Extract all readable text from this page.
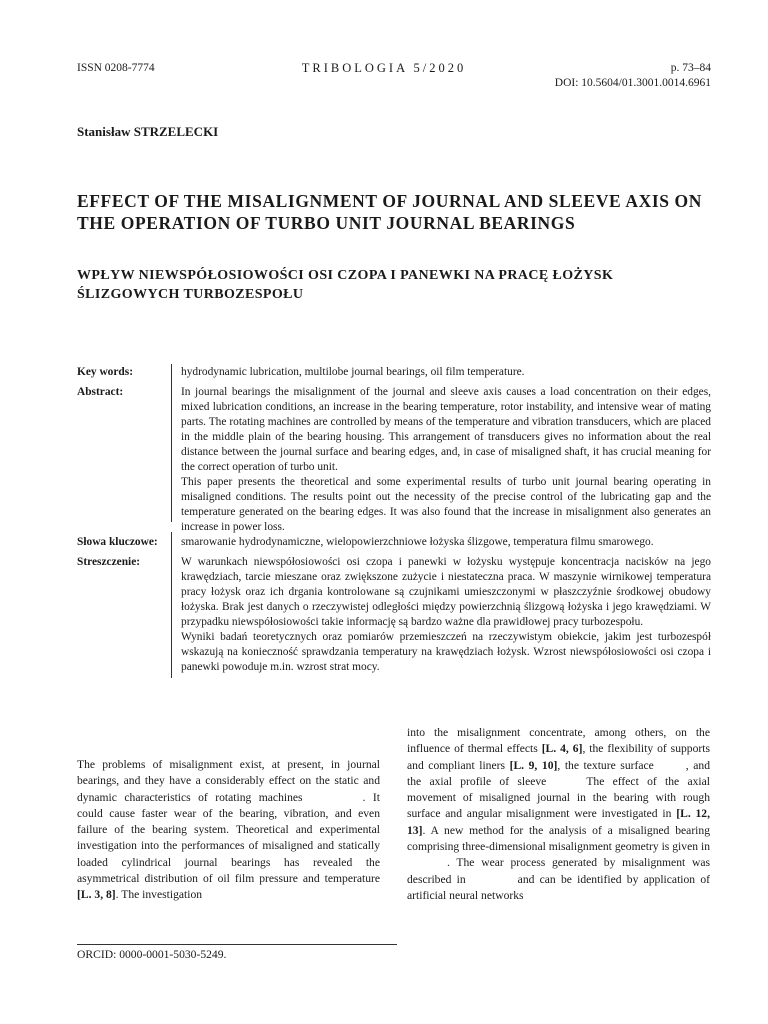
ISSN 0208-7774	TRIBOLOGIA 5/2020	p. 73–84
DOI: 10.5604/01.3001.0014.6961
Stanisław STRZELECKI
EFFECT OF THE MISALIGNMENT OF JOURNAL AND SLEEVE AXIS ON THE OPERATION OF TURBO UNIT JOURNAL BEARINGS
WPŁYW NIEWSPÓŁOSIOWOŚCI OSI CZOPA I PANEWKI NA PRACĘ ŁOŻYSK ŚLIZGOWYCH TURBOZESPOŁU
Key words:	hydrodynamic lubrication, multilobe journal bearings, oil film temperature.
Abstract:	In journal bearings the misalignment of the journal and sleeve axis causes a load concentration on their edges, mixed lubrication conditions, an increase in the bearing temperature, rotor instability, and intensive wear of mating parts. The rotating machines are controlled by means of the temperature and vibration transducers, which are placed in the middle plain of the bearing housing. This arrangement of transducers gives no information about the real distance between the journal surface and bearing edges, and, in case of misaligned shaft, it has crucial meaning for the correct operation of turbo unit.

This paper presents the theoretical and some experimental results of turbo unit journal bearing operating in misaligned conditions. The results point out the necessity of the precise control of the lubricating gap and the temperature generated on the bearing edges. It was also found that the increase in misalignment also generates an increase in power loss.

Słowa kluczowe:	smarowanie hydrodynamiczne, wielopowierzchniowe łożyska ślizgowe, temperatura filmu smarowego.
Streszczenie:	W warunkach niewspółosiowości osi czopa i panewki w łożysku występuje koncentracja nacisków na jego krawędziach, tarcie mieszane oraz zwiększone zużycie i niestateczna praca. W maszynie wirnikowej temperatura pracy łożysk oraz ich drgania kontrolowane są czujnikami umieszczonymi w płaszczyźnie środkowej obudowy łożyska. Brak jest danych o rzeczywistej odległości między powierzchnią ślizgową łożyska i jego krawędziami. W przypadku niewspółosiowości takie informację są bardzo ważne dla prawidłowej pracy turbozespołu.

Wyniki badań teoretycznych oraz pomiarów przemieszczeń na rzeczywistym obiekcie, jakim jest turbozespół wskazują na konieczność sprawdzania temperatury na krawędziach łożysk. Wzrost niewspółosiowości osi czopa i panewki powoduje m.in. wzrost strat mocy.

The problems of misalignment exist, at present, in journal bearings, and they have a considerably effect on the static and dynamic characteristics of rotating machines	. It could cause faster wear of the bearing, vibration, and even failure of the bearing system. Theoretical and experimental investigation into the performances of misaligned and statically loaded cylindrical journal bearings has revealed the asymmetrical distribution of oil film pressure and temperature [L. 3, 8]. The investigation
into the misalignment concentrate, among others, on the influence of thermal effects [L. 4, 6], the flexibility of supports and compliant liners [L. 9, 10], the texture surface	, and the axial profile of sleeve	The effect of the axial movement of misaligned journal in the bearing with rough surface and angular misalignment were investigated in [L. 12, 13]. A new method for the analysis of a misaligned bearing comprising three-dimensional misalignment geometry is given in. The wear process generated by misalignment was described in	and can be identified by application of artificial neural networks
ORCID: 0000-0001-5030-5249.
